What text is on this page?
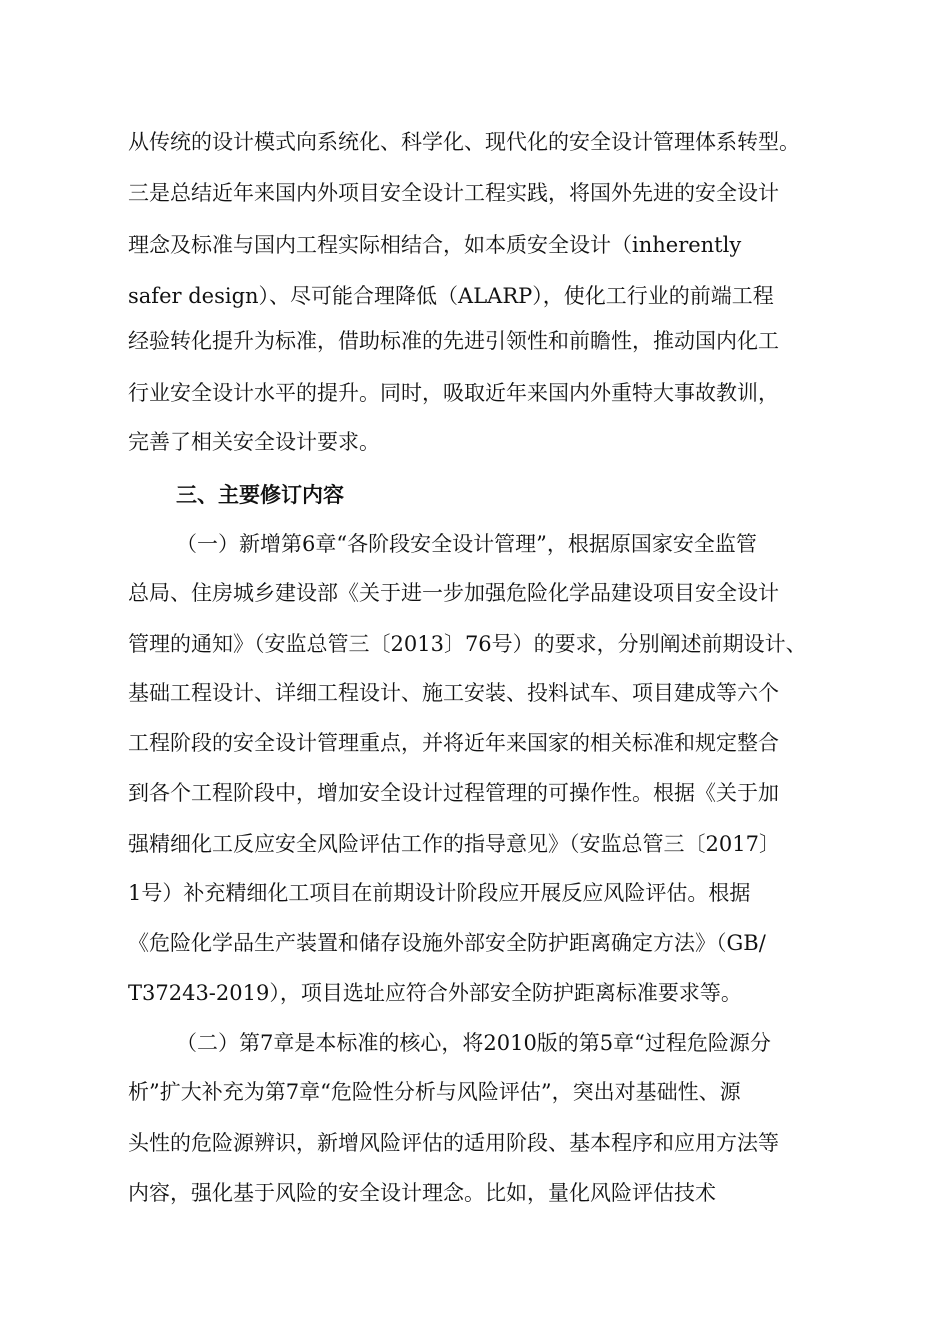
从传统的设计模式向系统化、科学化、现代化的安全设计管理体系转型。
三是总结近年来国内外项目安全设计工程实践，将国外先进的安全设计
理念及标准与国内工程实际相结合，如本质安全设计（inherently
safer design）、尽可能合理降低（ALARP），使化工行业的前端工程
经验转化提升为标准，借助标准的先进引领性和前瞻性，推动国内化工
行业安全设计水平的提升。同时，吸取近年来国内外重特大事故教训，
完善了相关安全设计要求。
三、主要修订内容
（一）新增第6章“各阶段安全设计管理”，根据原国家安全监管
总局、住房城乡建设部《关于进一步加强危险化学品建设项目安全设计
管理的通知》（安监总管三〔2013〕76号）的要求，分别阐述前期设计、
基础工程设计、详细工程设计、施工安装、投料试车、项目建成等六个
工程阶段的安全设计管理重点，并将近年来国家的相关标准和规定整合
到各个工程阶段中，增加安全设计过程管理的可操作性。根据《关于加
强精细化工反应安全风险评估工作的指导意见》（安监总管三〔2017〕
1号）补充精细化工项目在前期设计阶段应开展反应风险评估。根据
《危险化学品生产装置和储存设施外部安全防护距离确定方法》（GB/
T37243-2019），项目选址应符合外部安全防护距离标准要求等。
（二）第7章是本标准的核心，将2010版的第5章“过程危险源分
析”扩大补充为第7章“危险性分析与风险评估”，突出对基础性、源
头性的危险源辨识，新增风险评估的适用阶段、基本程序和应用方法等
内容，强化基于风险的安全设计理念。比如，量化风险评估技术
